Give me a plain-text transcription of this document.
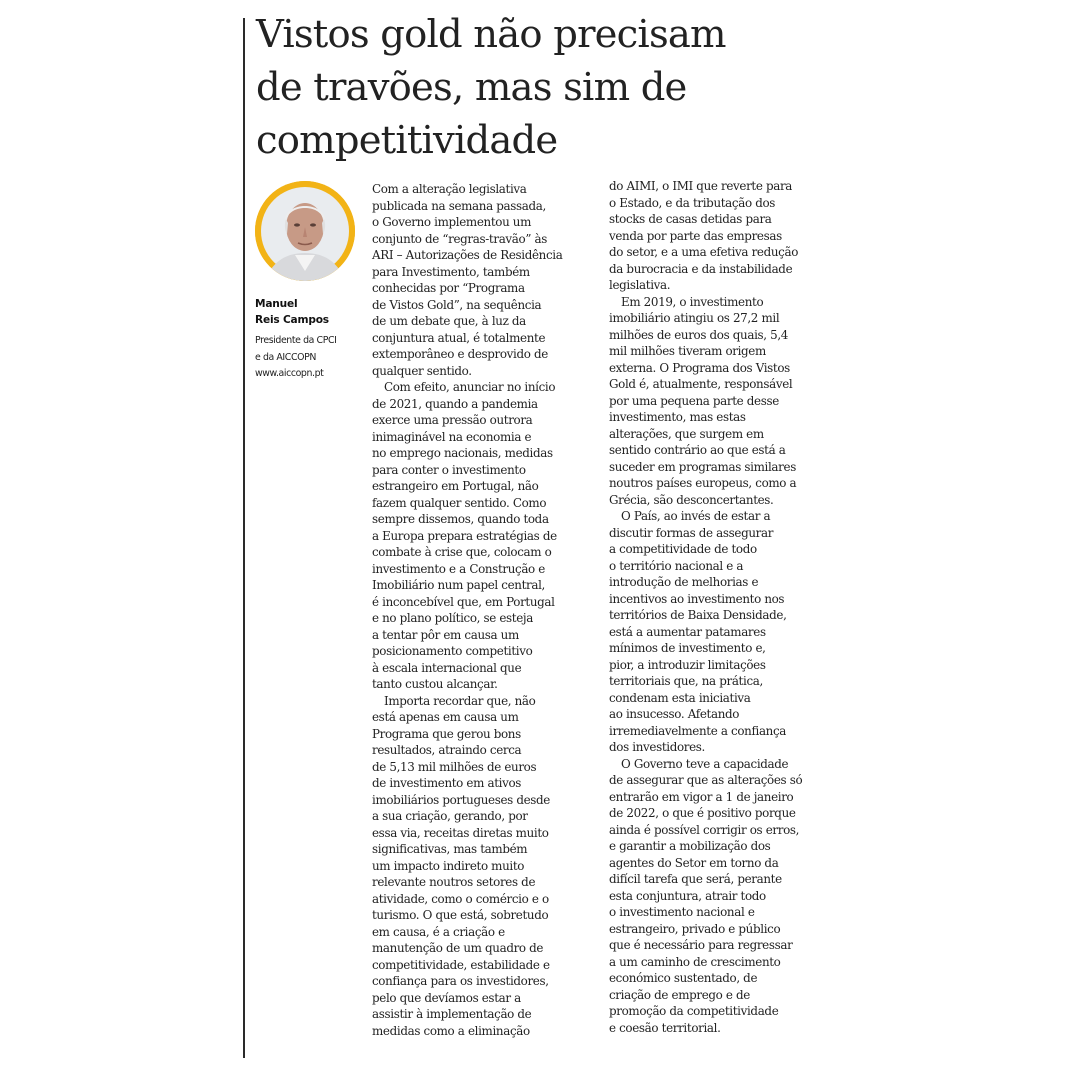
Vistos gold não precisam
de travões, mas sim de
competitividade
Manuel
Reis Campos
Presidente da CPCI
e da AICCOPN
www.aiccopn.pt
Com a alteração legislativa
publicada na semana passada,
o Governo implementou um
conjunto de “regras-travão” às
ARI – Autorizações de Residência
para Investimento, também
conhecidas por “Programa
de Vistos Gold”, na sequência
de um debate que, à luz da
conjuntura atual, é totalmente
extemporâneo e desprovido de
qualquer sentido.
Com efeito, anunciar no início
de 2021, quando a pandemia
exerce uma pressão outrora
inimaginável na economia e
no emprego nacionais, medidas
para conter o investimento
estrangeiro em Portugal, não
fazem qualquer sentido. Como
sempre dissemos, quando toda
a Europa prepara estratégias de
combate à crise que, colocam o
investimento e a Construção e
Imobiliário num papel central,
é inconcebível que, em Portugal
e no plano político, se esteja
a tentar pôr em causa um
posicionamento competitivo
à escala internacional que
tanto custou alcançar.
Importa recordar que, não
está apenas em causa um
Programa que gerou bons
resultados, atraindo cerca
de 5,13 mil milhões de euros
de investimento em ativos
imobiliários portugueses desde
a sua criação, gerando, por
essa via, receitas diretas muito
significativas, mas também
um impacto indireto muito
relevante noutros setores de
atividade, como o comércio e o
turismo. O que está, sobretudo
em causa, é a criação e
manutenção de um quadro de
competitividade, estabilidade e
confiança para os investidores,
pelo que devíamos estar a
assistir à implementação de
medidas como a eliminação
do AIMI, o IMI que reverte para
o Estado, e da tributação dos
stocks de casas detidas para
venda por parte das empresas
do setor, e a uma efetiva redução
da burocracia e da instabilidade
legislativa.
Em 2019, o investimento
imobiliário atingiu os 27,2 mil
milhões de euros dos quais, 5,4
mil milhões tiveram origem
externa. O Programa dos Vistos
Gold é, atualmente, responsável
por uma pequena parte desse
investimento, mas estas
alterações, que surgem em
sentido contrário ao que está a
suceder em programas similares
noutros países europeus, como a
Grécia, são desconcertantes.
O País, ao invés de estar a
discutir formas de assegurar
a competitividade de todo
o território nacional e a
introdução de melhorias e
incentivos ao investimento nos
territórios de Baixa Densidade,
está a aumentar patamares
mínimos de investimento e,
pior, a introduzir limitações
territoriais que, na prática,
condenam esta iniciativa
ao insucesso. Afetando
irremediavelmente a confiança
dos investidores.
O Governo teve a capacidade
de assegurar que as alterações só
entrarão em vigor a 1 de janeiro
de 2022, o que é positivo porque
ainda é possível corrigir os erros,
e garantir a mobilização dos
agentes do Setor em torno da
difícil tarefa que será, perante
esta conjuntura, atrair todo
o investimento nacional e
estrangeiro, privado e público
que é necessário para regressar
a um caminho de crescimento
económico sustentado, de
criação de emprego e de
promoção da competitividade
e coesão territorial.
